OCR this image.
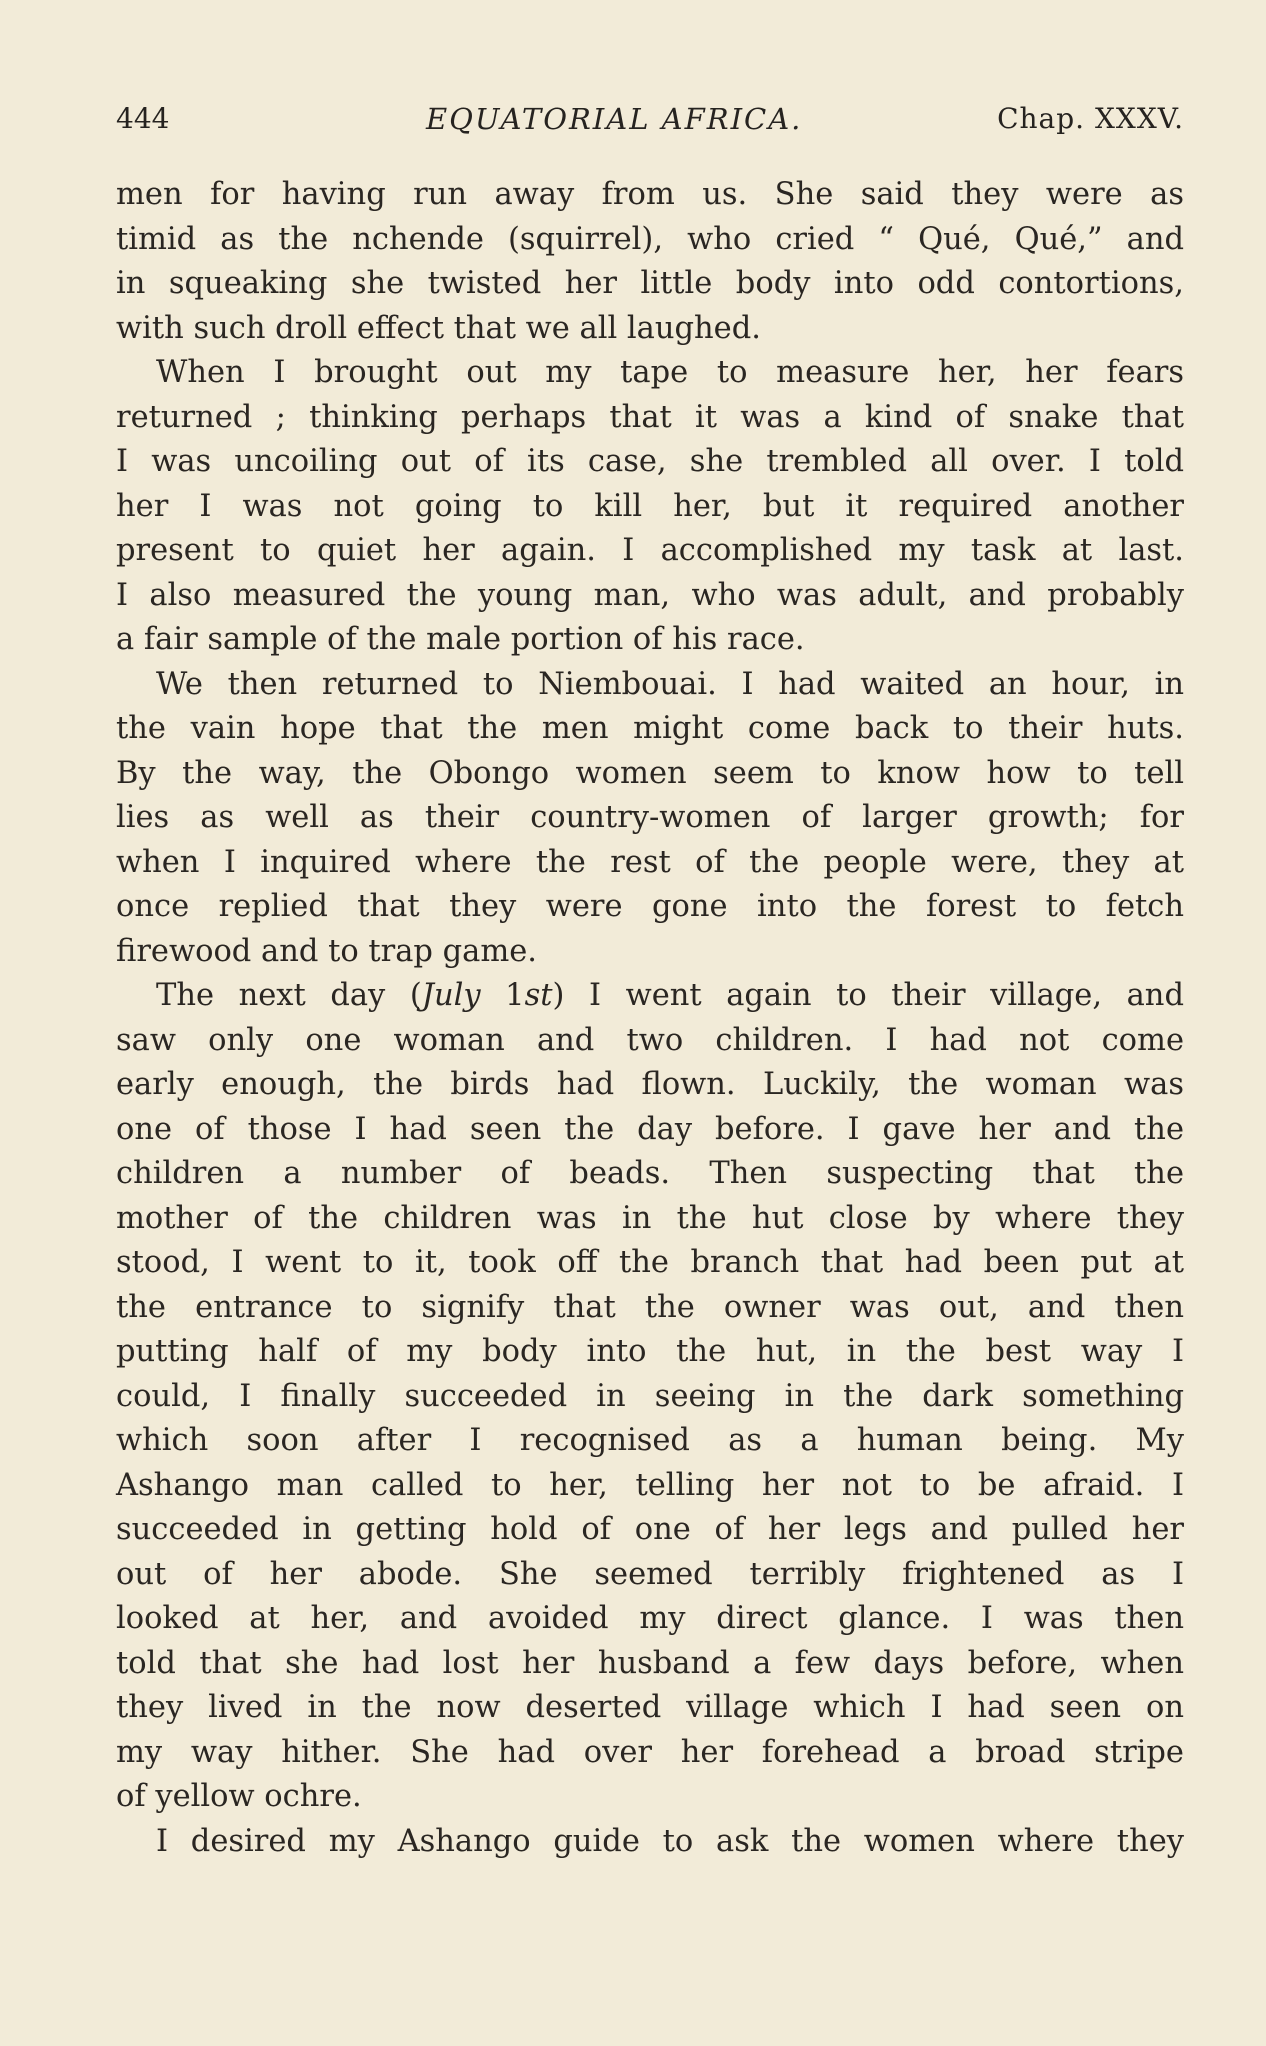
444	EQUATORIAL AFRICA.	Chap. XXXV.
men for having run away from us. She said they were as
timid as the nchende (squirrel), who cried “ Qué, Qué,” and
in squeaking she twisted her little body into odd contortions,
with such droll effect that we all laughed.
When I brought out my tape to measure her, her fears
returned ; thinking perhaps that it was a kind of snake that
I was uncoiling out of its case, she trembled all over. I told
her I was not going to kill her, but it required another
present to quiet her again. I accomplished my task at last.
I also measured the young man, who was adult, and probably
a fair sample of the male portion of his race.
We then returned to Niembouai. I had waited an hour, in
the vain hope that the men might come back to their huts.
By the way, the Obongo women seem to know how to tell
lies as well as their country-women of larger growth; for
when I inquired where the rest of the people were, they at
once replied that they were gone into the forest to fetch
firewood and to trap game.
The next day (July 1st) I went again to their village, and
saw only one woman and two children. I had not come
early enough, the birds had flown. Luckily, the woman was
one of those I had seen the day before. I gave her and the
children a number of beads. Then suspecting that the
mother of the children was in the hut close by where they
stood, I went to it, took off the branch that had been put at
the entrance to signify that the owner was out, and then
putting half of my body into the hut, in the best way I
could, I finally succeeded in seeing in the dark something
which soon after I recognised as a human being. My
Ashango man called to her, telling her not to be afraid. I
succeeded in getting hold of one of her legs and pulled her
out of her abode. She seemed terribly frightened as I
looked at her, and avoided my direct glance. I was then
told that she had lost her husband a few days before, when
they lived in the now deserted village which I had seen on
my way hither. She had over her forehead a broad stripe
of yellow ochre.
I desired my Ashango guide to ask the women where they
